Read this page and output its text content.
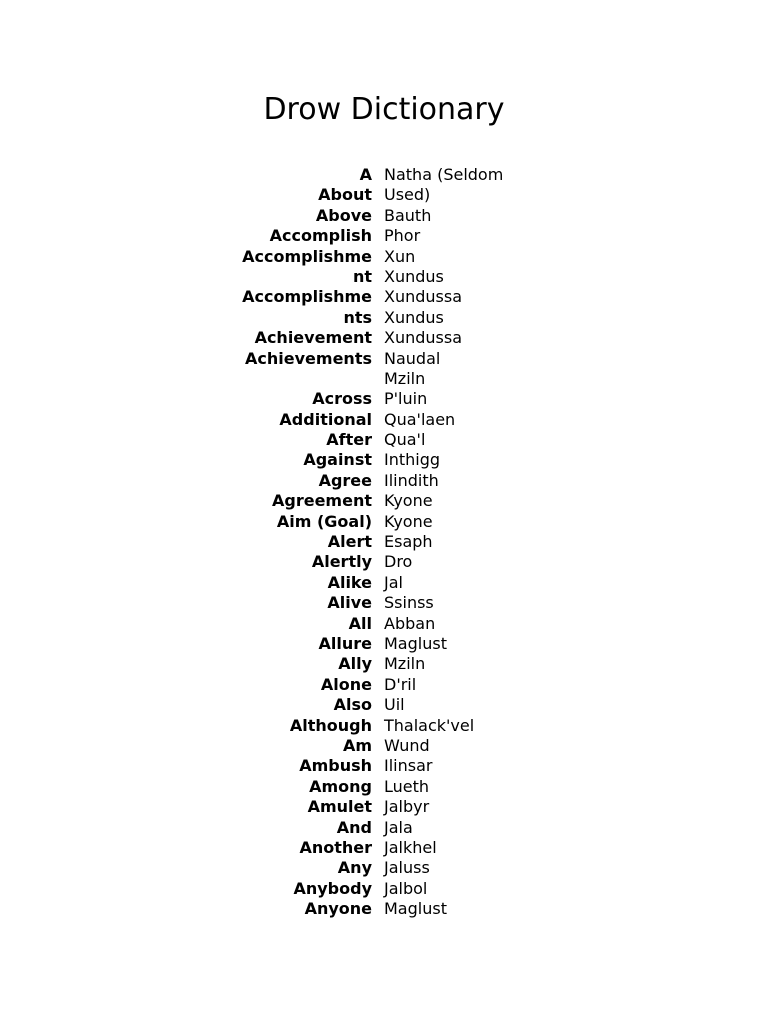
Drow Dictionary
A
About
Above
Accomplish
Accomplishme
nt
Accomplishme
nts
Achievement
Achievements
Across
Additional
After
Against
Agree
Agreement
Aim (Goal)
Alert
Alertly
Alike
Alive
All
Allure
Ally
Alone
Also
Although
Am
Ambush
Among
Amulet
And
Another
Any
Anybody
Anyone
Natha (Seldom
Used)
Bauth
Phor
Xun
Xundus
Xundussa
Xundus
Xundussa
Naudal
Mziln
P'luin
Qua'laen
Qua'l
Inthigg
Ilindith
Kyone
Kyone
Esaph
Dro
Jal
Ssinss
Abban
Maglust
Mziln
D'ril
Uil
Thalack'vel
Wund
Ilinsar
Lueth
Jalbyr
Jala
Jalkhel
Jaluss
Jalbol
Maglust
